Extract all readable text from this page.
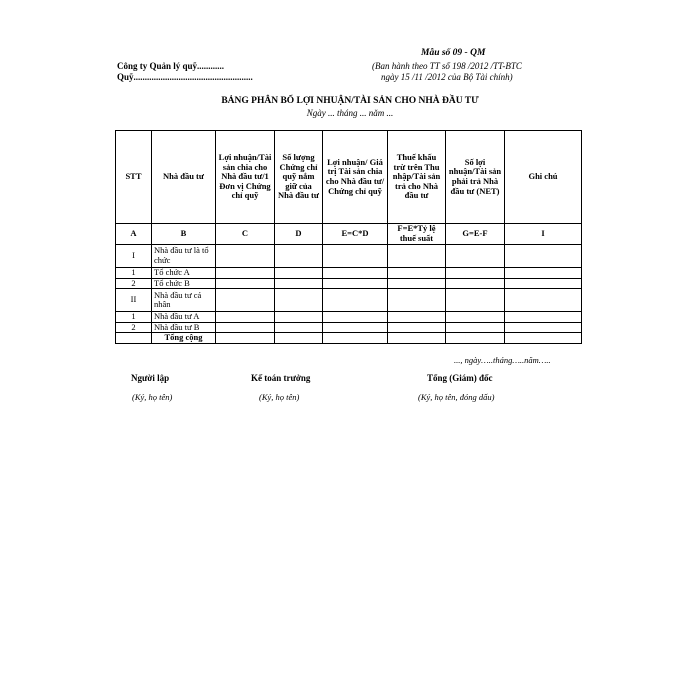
Mẫu số 09 - QM
Công ty Quản lý quỹ............
Quỹ.....................................................
(Ban hành theo TT số 198 /2012 /TT-BTC
ngày 15 /11 /2012 của Bộ Tài chính)
BẢNG PHÂN BỔ LỢI NHUẬN/TÀI SẢN CHO NHÀ ĐẦU TƯ
Ngày ... tháng ... năm ...
STT	Nhà đầu tư	Lợi nhuận/Tài sản chia cho Nhà đầu tư/1 Đơn vị Chứng chỉ quỹ	Số lượng Chứng chỉ quỹ nắm giữ của Nhà đầu tư	Lợi nhuận/ Giá trị Tài sản chia cho Nhà đầu tư/ Chứng chỉ quỹ	Thuế khấu trừ trên Thu nhập/Tài sản trả cho Nhà đầu tư	Số lợi nhuận/Tài sản phải trả Nhà đầu tư (NET)	Ghi chú
A	B	C	D	E=C*D	F=E*Tỷ lệ thuế suất	G=E-F	I
I	Nhà đầu tư là tổ chức						
1	Tổ chức A						
2	Tổ chức B						
II	Nhà đầu tư cá nhân						
1	Nhà đầu tư A						
2	Nhà đầu tư B						
	Tổng cộng						
..., ngày…..tháng…..năm…..
Người lập	Kế toán trưởng	Tổng (Giám) đốc
(Ký, họ tên)	(Ký, họ tên)	(Ký, họ tên, đóng dấu)
